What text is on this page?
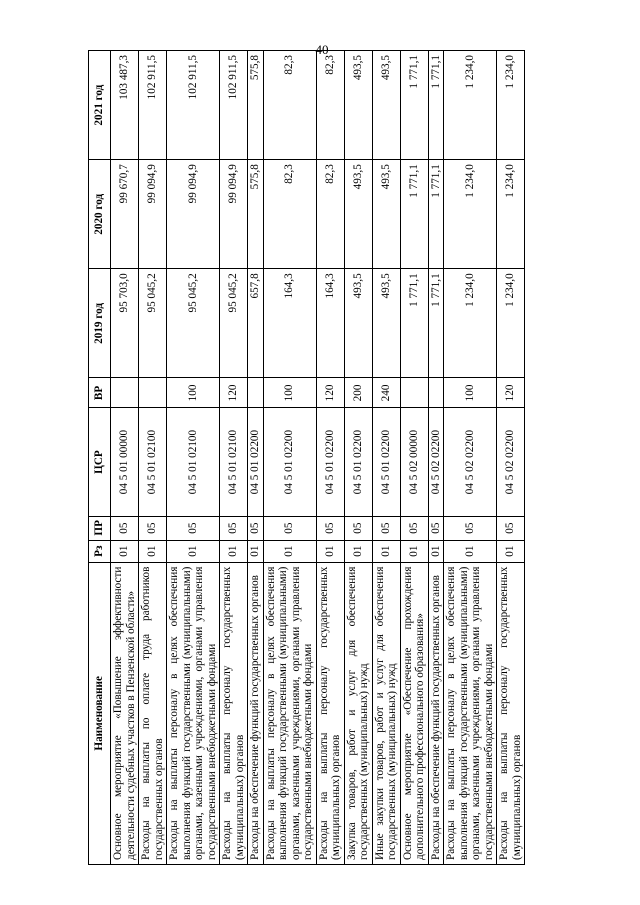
40
Наименование	Рз	ПР	ЦСР	ВР	2019 год	2020 год	2021 год
Основное мероприятие «Повышение эффективности деятельности судебных участков в Пензенской области»	01	05	04 5 01 00000		95 703,0	99 670,7	103 487,3
Расходы на выплаты по оплате труда работников государственных органов	01	05	04 5 01 02100		95 045,2	99 094,9	102 911,5
Расходы на выплаты персоналу в целях обеспечения выполнения функций государственными (муниципальными) органами, казенными учреждениями, органами управления государственными внебюджетными фондами	01	05	04 5 01 02100	100	95 045,2	99 094,9	102 911,5
Расходы на выплаты персоналу государственных (муниципальных) органов	01	05	04 5 01 02100	120	95 045,2	99 094,9	102 911,5
Расходы на обеспечение функций государственных органов	01	05	04 5 01 02200		657,8	575,8	575,8
Расходы на выплаты персоналу в целях обеспечения выполнения функций государственными (муниципальными) органами, казенными учреждениями, органами управления государственными внебюджетными фондами	01	05	04 5 01 02200	100	164,3	82,3	82,3
Расходы на выплаты персоналу государственных (муниципальных) органов	01	05	04 5 01 02200	120	164,3	82,3	82,3
Закупка товаров, работ и услуг для обеспечения государственных (муниципальных) нужд	01	05	04 5 01 02200	200	493,5	493,5	493,5
Иные закупки товаров, работ и услуг для обеспечения государственных (муниципальных) нужд	01	05	04 5 01 02200	240	493,5	493,5	493,5
Основное мероприятие «Обеспечение прохождения дополнительного профессионального образования»	01	05	04 5 02 00000		1 771,1	1 771,1	1 771,1
Расходы на обеспечение функций государственных органов	01	05	04 5 02 02200		1 771,1	1 771,1	1 771,1
Расходы на выплаты персоналу в целях обеспечения выполнения функций государственными (муниципальными) органами, казенными учреждениями, органами управления государственными внебюджетными фондами	01	05	04 5 02 02200	100	1 234,0	1 234,0	1 234,0
Расходы на выплаты персоналу государственных (муниципальных) органов	01	05	04 5 02 02200	120	1 234,0	1 234,0	1 234,0
